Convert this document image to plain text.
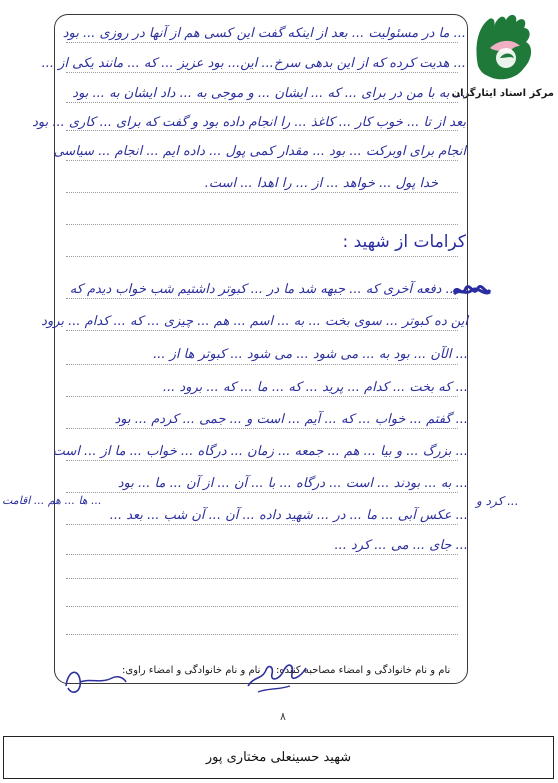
مرکز اسناد ایثارگران
... ما در مسئولیت ... بعد از اینکه گفت این کسی هم از آنها در روزی ... بود
... هدیت کرده که از این بدهی سرخ... این... بود عزیز ... که ... مانند یکی از ...
... به با من در برای ... که ... ایشان ... و موجی به ... داد ایشان به ... بود
بعد از تا ... خوب کار ... کاغذ ... را انجام داده بود و گفت که برای ... کاری ... بود
انجام برای اوبرکت ... بود ... مقدار کمی پول ... داده ایم ... انجام ... سیاسی
خدا پول ... خواهد ... از ... را اهدا ... است.
کرامات از شهید :
... دفعه آخری که ... جبهه شد ما در ... کبوتر داشتیم شب خواب دیدم که
این ده کبوتر ... سوی بخت ... به ... اسم ... هم ... چیزی ... که ... کدام ... برود
... الآن ... بود به ... می شود ... می شود ... کبوتر ها از ...
... که بخت ... کدام ... پرید ... که ... ما ... که ... برود ...
... گفتم ... خواب ... که ... آیم ... است و ... جمی ... کردم ... بود
... بزرگ ... و بیا ... هم ... جمعه ... زمان ... درگاه ... خواب ... ما از ... است
... به ... بودند ... است ... درگاه ... با ... آن ... از آن ... ما ... بود
... عکس آبی ... ما ... در ... شهید داده ... آن ... آن شب ... بعد ...
... جای ... می ... کرد ...
... ها ... هم ... اقامت	... کرد و
نام و نام خانوادگی و امضاء مصاحبه کننده:
نام و نام خانوادگی و امضاء راوی:
۸
شهید حسینعلی مختاری پور
